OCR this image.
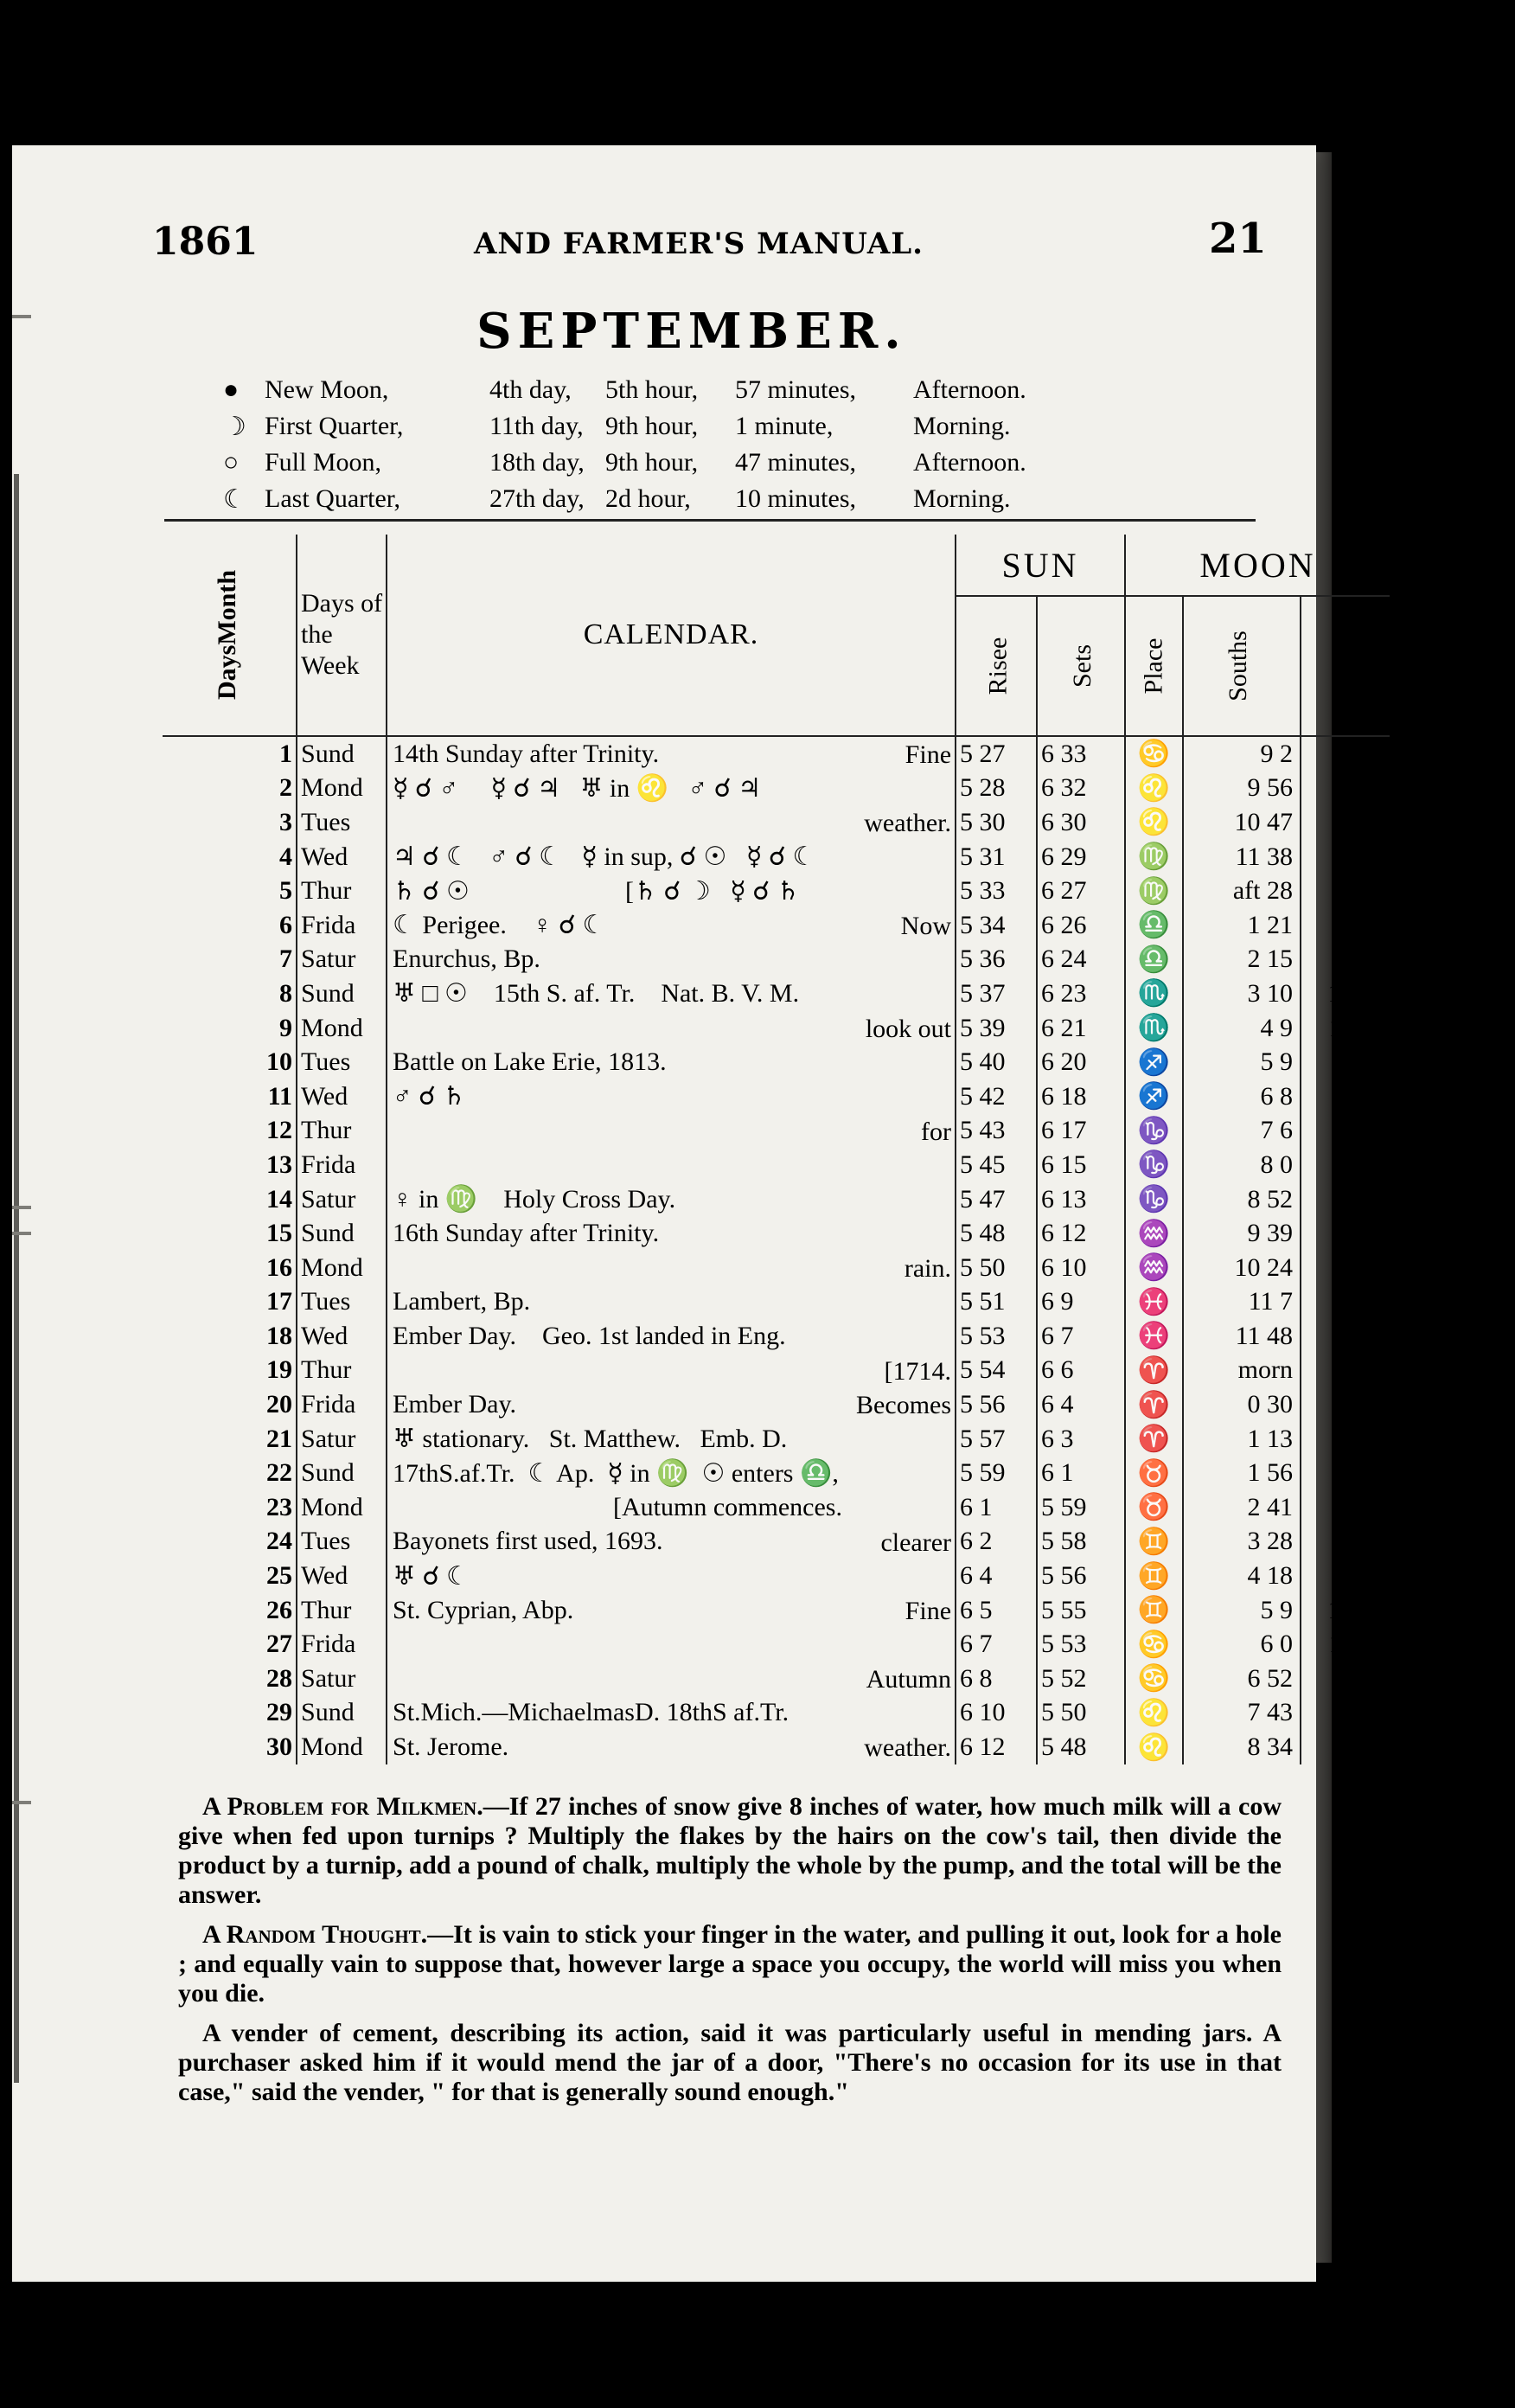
1861	AND FARMER'S MANUAL.	21
SEPTEMBER.
● New Moon,	4th day,	5th hour,	57 minutes,	Afternoon.
☽ First Quarter,	11th day, 9th hour,	1 minute,	Morning.
○ Full Moon,	18th day, 9th hour,	47 minutes,	Afternoon.
☾ Last Quarter,	27th day, 2d hour,	10 minutes,	Morning.
DaysMonth	Days of the Week	CALENDAR.	SUN		MOON		
			Risee	Sets	Place	Souths	Rises
1	Sund	14th Sunday after Trinity. Fine	5 27	6 33	♋	9 2	1 40
2	Mond	☿ ☌ ♂     ☿ ☌ ♃   ♅ in ♌   ♂ ☌ ♃	5 28	6 32	♌	9 56	2 52
3	Tues	weather.	5 30	6 30	♌	10 47	4 4
4	Wed	♃ ☌ ☾   ♂ ☌ ☾   ☿ in sup, ☌ ☉   ☿ ☌ ☾	5 31	6 29	♍	11 38	5 19
5	Thur	♄ ☌ ☉                        [♄ ☌ ☽   ☿ ☌ ♄	5 33	6 27	♍	aft 28	sets
6	Frida	☾ Perigee.    ♀ ☌ ☾ Now	5 34	6 26	♎	1 21	7 48
7	Satur	Enurchus, Bp.	5 36	6 24	♎	2 15	9 7
8	Sund	♅ □ ☉    15th S. af. Tr.    Nat. B. V. M.	5 37	6 23	♏	3 10	10 23
9	Mond	look out	5 39	6 21	♏	4 9	11 41
10	Tues	Battle on Lake Erie, 1813.	5 40	6 20	♐	5 9	morn
11	Wed	♂ ☌ ♄	5 42	6 18	♐	6 8	0 51
12	Thur	for	5 43	6 17	♑	7 6	1 50
13	Frida		5 45	6 15	♑	8 0	2 43
14	Satur	♀ in ♍    Holy Cross Day.	5 47	6 13	♑	8 52	3 27
15	Sund	16th Sunday after Trinity.	5 48	6 12	♒	9 39	3 52
16	Mond	rain.	5 50	6 10	♒	10 24	4 18
17	Tues	Lambert, Bp.	5 51	6 9	♓	11 7	4 43
18	Wed	Ember Day.    Geo. 1st landed in Eng.	5 53	6 7	♓	11 48	5 3
19	Thur	[1714.	5 54	6 6	♈	morn	rises
20	Frida	Ember Day. Becomes	5 56	6 4	♈	0 30	6 26
21	Satur	♅ stationary.   St. Matthew.   Emb. D.	5 57	6 3	♈	1 13	6 52
22	Sund	17thS.af.Tr.  ☾ Ap.  ☿ in ♍  ☉ enters ♎,	5 59	6 1	♉	1 56	7 19
23	Mond	[Autumn commences.	6 1	5 59	♉	2 41	7 56
24	Tues	Bayonets first used, 1693. clearer	6 2	5 58	♊	3 28	8 36
25	Wed	♅ ☌ ☾	6 4	5 56	♊	4 18	9 27
26	Thur	St. Cyprian, Abp. Fine	6 5	5 55	♊	5 9	10 23
27	Frida		6 7	5 53	♋	6 0	11 25
28	Satur	Autumn	6 8	5 52	♋	6 52	morn
29	Sund	St.Mich.—MichaelmasD. 18thS af.Tr.	6 10	5 50	♌	7 43	0 30
30	Mond	St. Jerome. weather.	6 12	5 48	♌	8 34	1 42

A Problem for Milkmen.—If 27 inches of snow give 8 inches of water, how much milk will a cow give when fed upon turnips ? Multiply the flakes by the hairs on the cow's tail, then divide the product by a turnip, add a pound of chalk, multiply the whole by the pump, and the total will be the answer.

A Random Thought.—It is vain to stick your finger in the water, and pulling it out, look for a hole ; and equally vain to suppose that, however large a space you occupy, the world will miss you when you die.

A vender of cement, describing its action, said it was particularly useful in mending jars. A purchaser asked him if it would mend the jar of a door, "There's no occasion for its use in that case," said the vender, " for that is generally sound enough."
